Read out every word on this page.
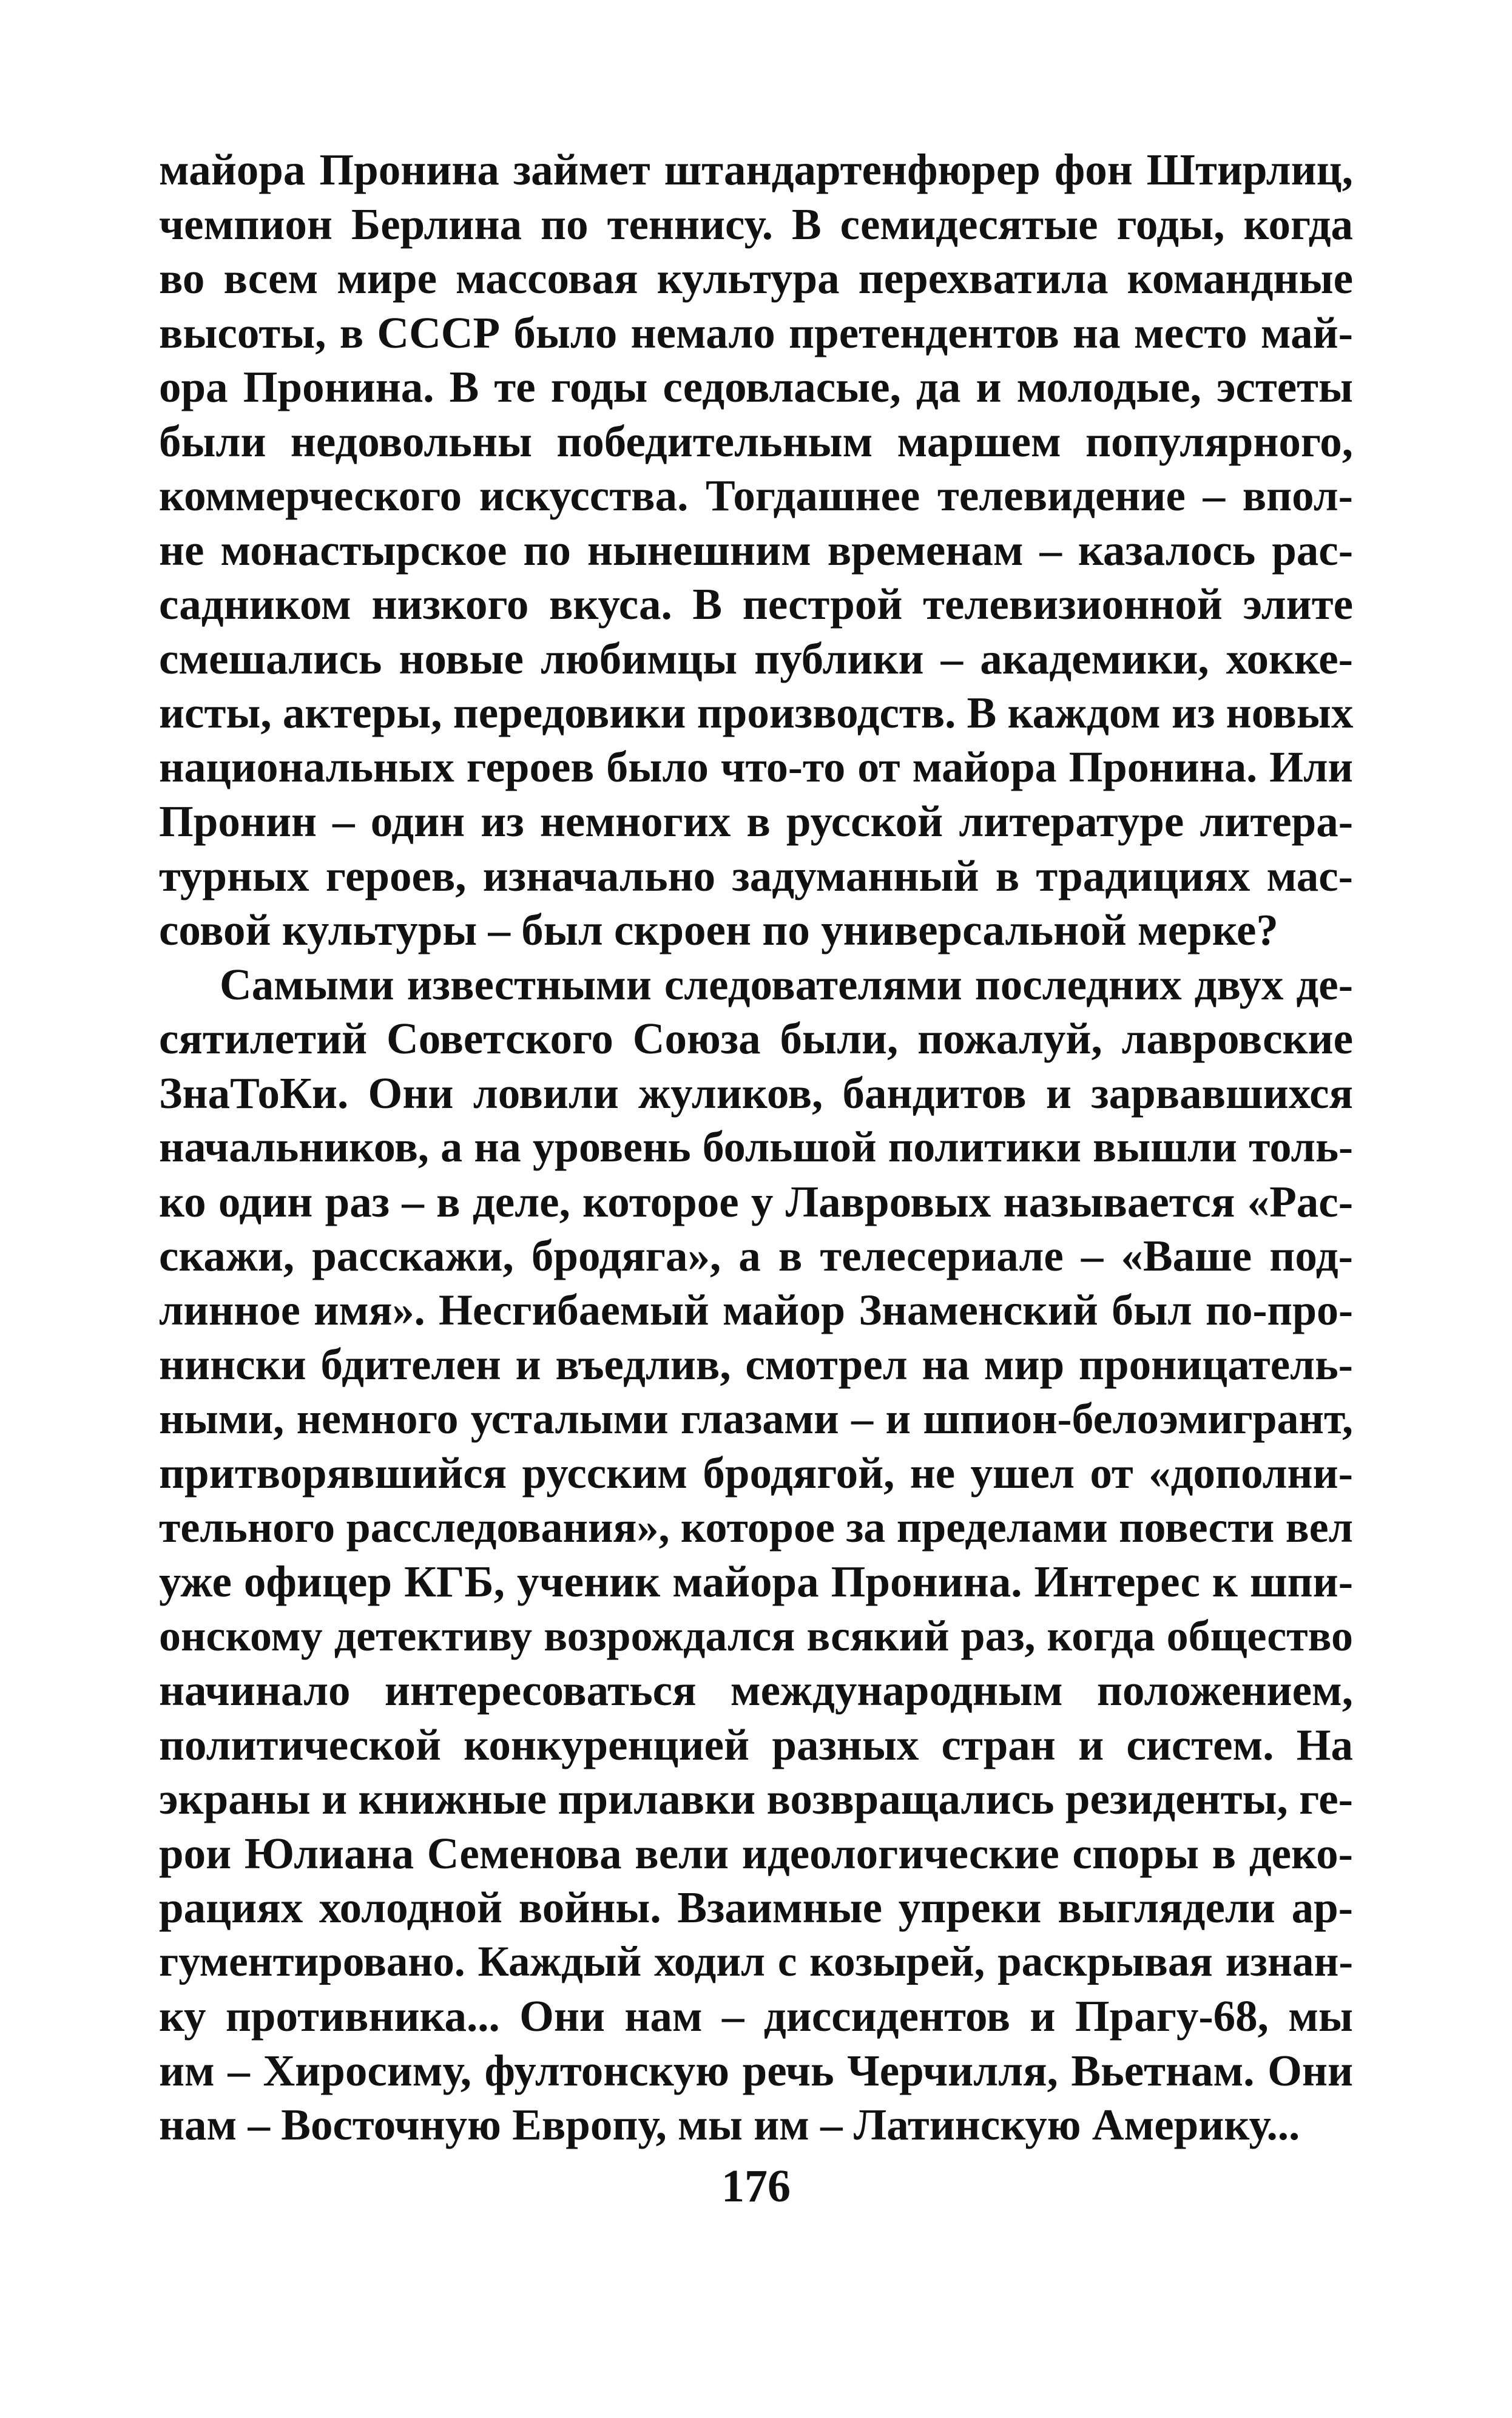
майора Пронина займет штандартенфюрер фон Штирлиц,
чемпион Берлина по теннису. В семидесятые годы, когда
во всем мире массовая культура перехватила командные
высоты, в СССР было немало претендентов на место май-
ора Пронина. В те годы седовласые, да и молодые, эстеты
были недовольны победительным маршем популярного,
коммерческого искусства. Тогдашнее телевидение – впол-
не монастырское по нынешним временам – казалось рас-
садником низкого вкуса. В пестрой телевизионной элите
смешались новые любимцы публики – академики, хокке-
исты, актеры, передовики производств. В каждом из новых
национальных героев было что-то от майора Пронина. Или
Пронин – один из немногих в русской литературе литера-
турных героев, изначально задуманный в традициях мас-
совой культуры – был скроен по универсальной мерке?
Самыми известными следователями последних двух де-
сятилетий Советского Союза были, пожалуй, лавровские
ЗнаТоКи. Они ловили жуликов, бандитов и зарвавшихся
начальников, а на уровень большой политики вышли толь-
ко один раз – в деле, которое у Лавровых называется «Рас-
скажи, расскажи, бродяга», а в телесериале – «Ваше под-
линное имя». Несгибаемый майор Знаменский был по-про-
нински бдителен и въедлив, смотрел на мир проницатель-
ными, немного усталыми глазами – и шпион-белоэмигрант,
притворявшийся русским бродягой, не ушел от «дополни-
тельного расследования», которое за пределами повести вел
уже офицер КГБ, ученик майора Пронина. Интерес к шпи-
онскому детективу возрождался всякий раз, когда общество
начинало интересоваться международным положением,
политической конкуренцией разных стран и систем. На
экраны и книжные прилавки возвращались резиденты, ге-
рои Юлиана Семенова вели идеологические споры в деко-
рациях холодной войны. Взаимные упреки выглядели ар-
гументировано. Каждый ходил с козырей, раскрывая изнан-
ку противника... Они нам – диссидентов и Прагу-68, мы
им – Хиросиму, фултонскую речь Черчилля, Вьетнам. Они
нам – Восточную Европу, мы им – Латинскую Америку...
176
